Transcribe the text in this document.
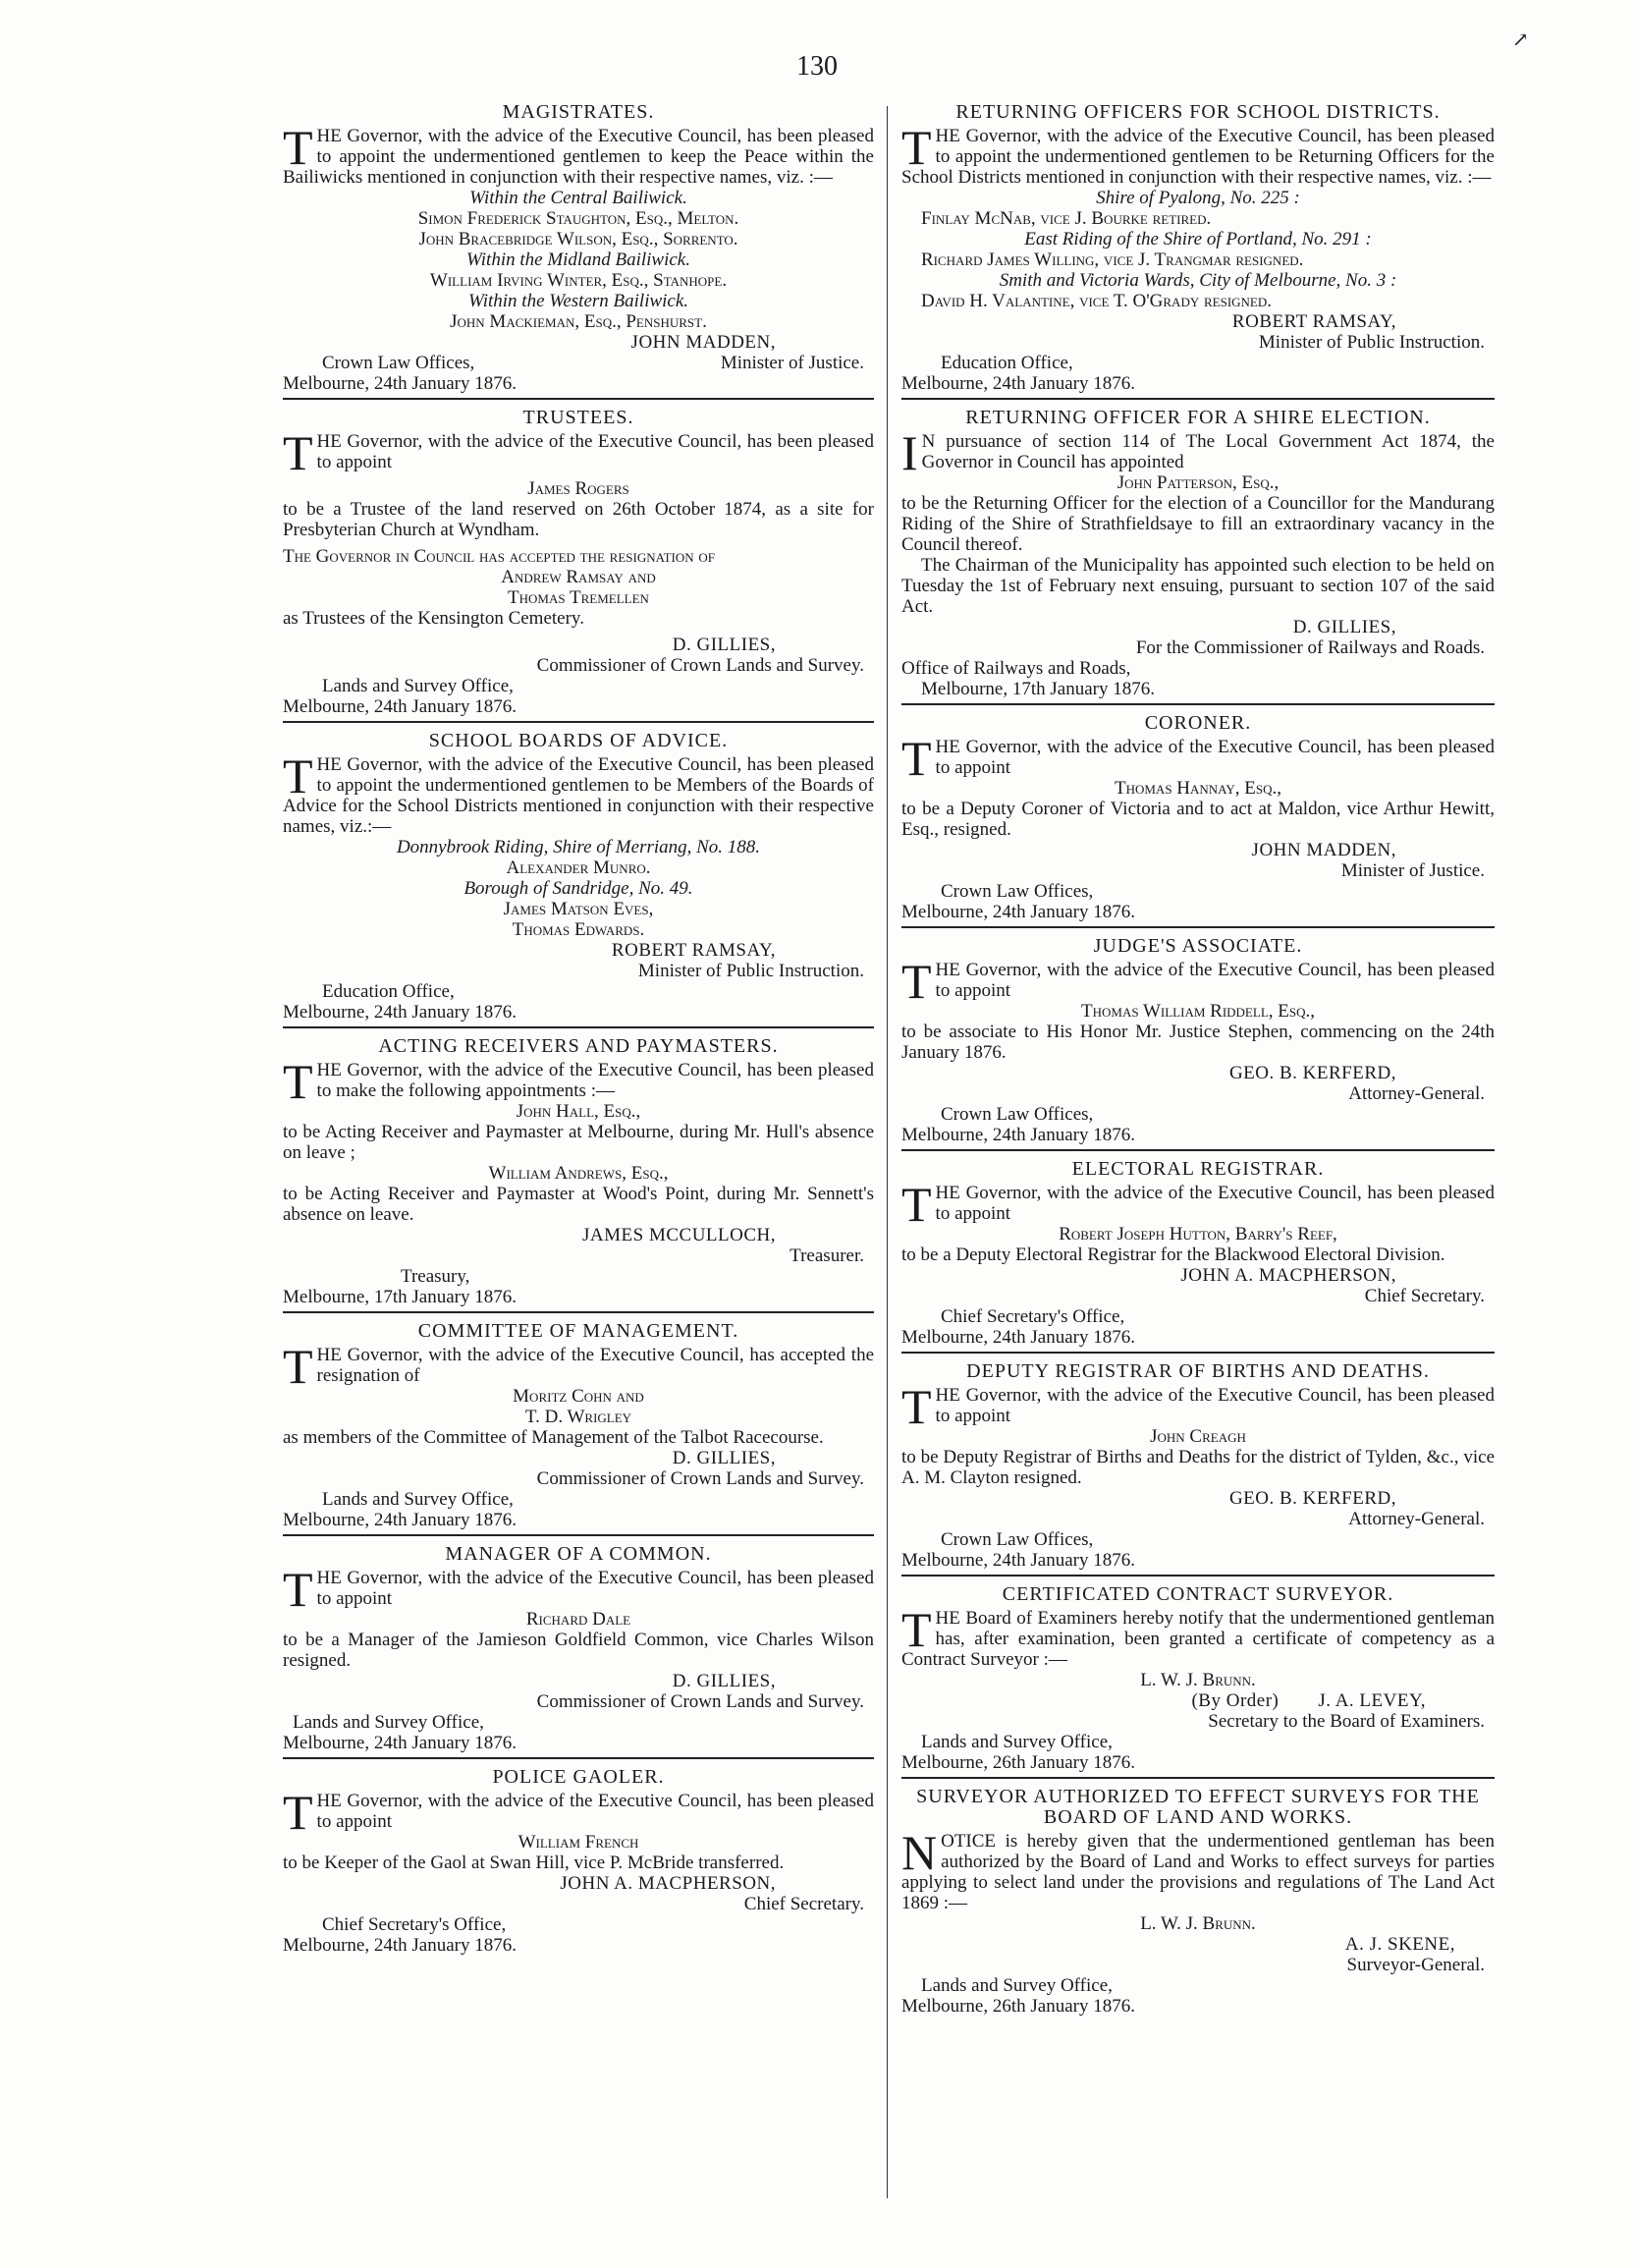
130
↗
MAGISTRATES.
THE Governor, with the advice of the Executive Council, has been pleased to appoint the undermentioned gentlemen to keep the Peace within the Bailiwicks mentioned in conjunction with their respective names, viz. :—
Within the Central Bailiwick.
Simon Frederick Staughton, Esq., Melton.
John Bracebridge Wilson, Esq., Sorrento.
Within the Midland Bailiwick.
William Irving Winter, Esq., Stanhope.
Within the Western Bailiwick.
John Mackieman, Esq., Penshurst.
JOHN MADDEN,
Minister of Justice.
Crown Law Offices,
Melbourne, 24th January 1876.
TRUSTEES.
THE Governor, with the advice of the Executive Council, has been pleased to appoint
James Rogers
to be a Trustee of the land reserved on 26th October 1874, as a site for Presbyterian Church at Wyndham.
The Governor in Council has accepted the resignation of
Andrew Ramsay and
Thomas Tremellen
as Trustees of the Kensington Cemetery.
D. GILLIES,
Commissioner of Crown Lands and Survey.
Lands and Survey Office,
Melbourne, 24th January 1876.
SCHOOL BOARDS OF ADVICE.
THE Governor, with the advice of the Executive Council, has been pleased to appoint the undermentioned gentlemen to be Members of the Boards of Advice for the School Districts mentioned in conjunction with their respective names, viz.:—
Donnybrook Riding, Shire of Merriang, No. 188.
Alexander Munro.
Borough of Sandridge, No. 49.
James Matson Eves,
Thomas Edwards.
ROBERT RAMSAY,
Minister of Public Instruction.
Education Office,
Melbourne, 24th January 1876.
ACTING RECEIVERS AND PAYMASTERS.
THE Governor, with the advice of the Executive Council, has been pleased to make the following appointments :—
John Hall, Esq.,
to be Acting Receiver and Paymaster at Melbourne, during Mr. Hull's absence on leave ;
William Andrews, Esq.,
to be Acting Receiver and Paymaster at Wood's Point, during Mr. Sennett's absence on leave.
JAMES MCCULLOCH,
Treasurer.
Treasury,
Melbourne, 17th January 1876.
COMMITTEE OF MANAGEMENT.
THE Governor, with the advice of the Executive Council, has accepted the resignation of
Moritz Cohn and
T. D. Wrigley
as members of the Committee of Management of the Talbot Racecourse.
D. GILLIES,
Commissioner of Crown Lands and Survey.
Lands and Survey Office,
Melbourne, 24th January 1876.
MANAGER OF A COMMON.
THE Governor, with the advice of the Executive Council, has been pleased to appoint
Richard Dale
to be a Manager of the Jamieson Goldfield Common, vice Charles Wilson resigned.
D. GILLIES,
Commissioner of Crown Lands and Survey.
Lands and Survey Office,
Melbourne, 24th January 1876.
POLICE GAOLER.
THE Governor, with the advice of the Executive Council, has been pleased to appoint
William French
to be Keeper of the Gaol at Swan Hill, vice P. McBride transferred.
JOHN A. MACPHERSON,
Chief Secretary.
Chief Secretary's Office,
Melbourne, 24th January 1876.
RETURNING OFFICERS FOR SCHOOL DISTRICTS.
THE Governor, with the advice of the Executive Council, has been pleased to appoint the undermentioned gentlemen to be Returning Officers for the School Districts mentioned in conjunction with their respective names, viz. :—
Shire of Pyalong, No. 225 :
Finlay McNab, vice J. Bourke retired.
East Riding of the Shire of Portland, No. 291 :
Richard James Willing, vice J. Trangmar resigned.
Smith and Victoria Wards, City of Melbourne, No. 3 :
David H. Valantine, vice T. O'Grady resigned.
ROBERT RAMSAY,
Minister of Public Instruction.
Education Office,
Melbourne, 24th January 1876.
RETURNING OFFICER FOR A SHIRE ELECTION.
I N pursuance of section 114 of The Local Government Act 1874, the Governor in Council has appointed
John Patterson, Esq.,
to be the Returning Officer for the election of a Councillor for the Mandurang Riding of the Shire of Strathfieldsaye to fill an extraordinary vacancy in the Council thereof.
The Chairman of the Municipality has appointed such election to be held on Tuesday the 1st of February next ensuing, pursuant to section 107 of the said Act.
D. GILLIES,
For the Commissioner of Railways and Roads.
Office of Railways and Roads,
Melbourne, 17th January 1876.
CORONER.
THE Governor, with the advice of the Executive Council, has been pleased to appoint
Thomas Hannay, Esq.,
to be a Deputy Coroner of Victoria and to act at Maldon, vice Arthur Hewitt, Esq., resigned.
JOHN MADDEN,
Minister of Justice.
Crown Law Offices,
Melbourne, 24th January 1876.
JUDGE'S ASSOCIATE.
THE Governor, with the advice of the Executive Council, has been pleased to appoint
Thomas William Riddell, Esq.,
to be associate to His Honor Mr. Justice Stephen, commencing on the 24th January 1876.
GEO. B. KERFERD,
Attorney-General.
Crown Law Offices,
Melbourne, 24th January 1876.
ELECTORAL REGISTRAR.
THE Governor, with the advice of the Executive Council, has been pleased to appoint
Robert Joseph Hutton, Barry's Reef,
to be a Deputy Electoral Registrar for the Blackwood Electoral Division.
JOHN A. MACPHERSON,
Chief Secretary.
Chief Secretary's Office,
Melbourne, 24th January 1876.
DEPUTY REGISTRAR OF BIRTHS AND DEATHS.
THE Governor, with the advice of the Executive Council, has been pleased to appoint
John Creagh
to be Deputy Registrar of Births and Deaths for the district of Tylden, &c., vice A. M. Clayton resigned.
GEO. B. KERFERD,
Attorney-General.
Crown Law Offices,
Melbourne, 24th January 1876.
CERTIFICATED CONTRACT SURVEYOR.
THE Board of Examiners hereby notify that the undermentioned gentleman has, after examination, been granted a certificate of competency as a Contract Surveyor :—
L. W. J. Brunn.
(By Order) J. A. LEVEY,
Secretary to the Board of Examiners.
Lands and Survey Office,
Melbourne, 26th January 1876.
SURVEYOR AUTHORIZED TO EFFECT SURVEYS FOR THE BOARD OF LAND AND WORKS.
NOTICE is hereby given that the undermentioned gentleman has been authorized by the Board of Land and Works to effect surveys for parties applying to select land under the provisions and regulations of The Land Act 1869 :—
L. W. J. Brunn.
A. J. SKENE,
Surveyor-General.
Lands and Survey Office,
Melbourne, 26th January 1876.
